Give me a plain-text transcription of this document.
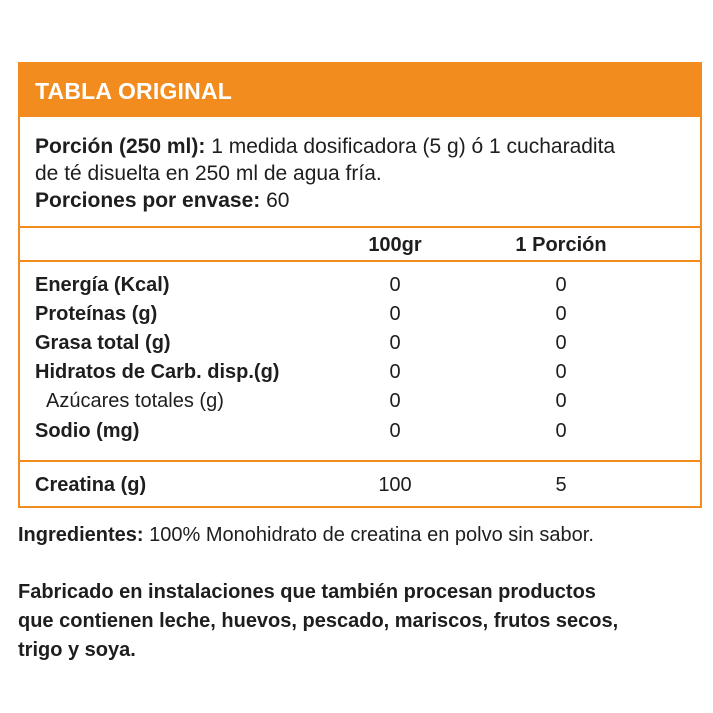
TABLA ORIGINAL
Porción (250 ml): 1 medida dosificadora (5 g) ó 1 cucharadita
de té disuelta en 250 ml de agua fría.
Porciones por envase: 60
100gr	1 Porción
Energía (Kcal)	0	0
Proteínas (g)	0	0
Grasa total (g)	0	0
Hidratos de Carb. disp.(g)	0	0
Azúcares totales (g)	0	0
Sodio (mg)	0	0
Creatina (g)	100	5
Ingredientes: 100% Monohidrato de creatina en polvo sin sabor.
Fabricado en instalaciones que también procesan productos
que contienen leche, huevos, pescado, mariscos, frutos secos,
trigo y soya.
